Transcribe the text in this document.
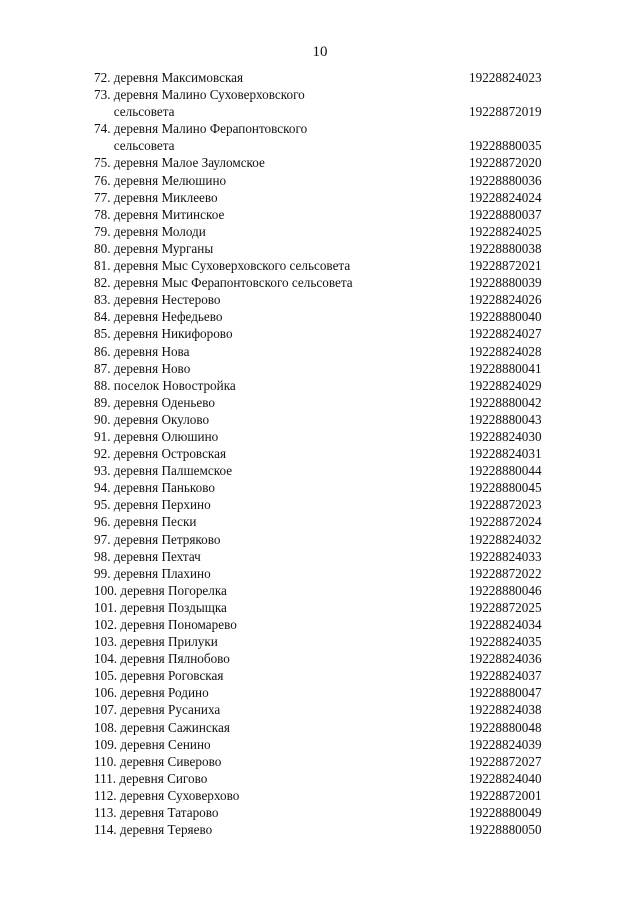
10
72.
деревня Максимовская	19228824023
73.
деревня Малино Суховерховского
сельсовета	19228872019
74.
деревня Малино Ферапонтовского
сельсовета	19228880035
75.
деревня Малое Зауломское	19228872020
76.
деревня Мелюшино	19228880036
77.
деревня Миклеево	19228824024
78.
деревня Митинское	19228880037
79.
деревня Молоди	19228824025
80.
деревня Мурганы	19228880038
81.
деревня Мыс Суховерховского сельсовета	19228872021
82.
деревня Мыс Ферапонтовского сельсовета	19228880039
83.
деревня Нестерово	19228824026
84.
деревня Нефедьево	19228880040
85.
деревня Никифорово	19228824027
86.
деревня Нова	19228824028
87.
деревня Ново	19228880041
88.
поселок Новостройка	19228824029
89.
деревня Оденьево	19228880042
90.
деревня Окулово	19228880043
91.
деревня Олюшино	19228824030
92.
деревня Островская	19228824031
93.
деревня Палшемское	19228880044
94.
деревня Паньково	19228880045
95.
деревня Перхино	19228872023
96.
деревня Пески	19228872024
97.
деревня Петряково	19228824032
98.
деревня Пехтач	19228824033
99.
деревня Плахино	19228872022
100.
деревня Погорелка	19228880046
101.
деревня Поздыщка	19228872025
102.
деревня Пономарево	19228824034
103.
деревня Прилуки	19228824035
104.
деревня Пялнобово	19228824036
105.
деревня Роговская	19228824037
106.
деревня Родино	19228880047
107.
деревня Русаниха	19228824038
108.
деревня Сажинская	19228880048
109.
деревня Сенино	19228824039
110.
деревня Сиверово	19228872027
111.
деревня Сигово	19228824040
112.
деревня Суховерхово	19228872001
113.
деревня Татарово	19228880049
114.
деревня Теряево	19228880050
